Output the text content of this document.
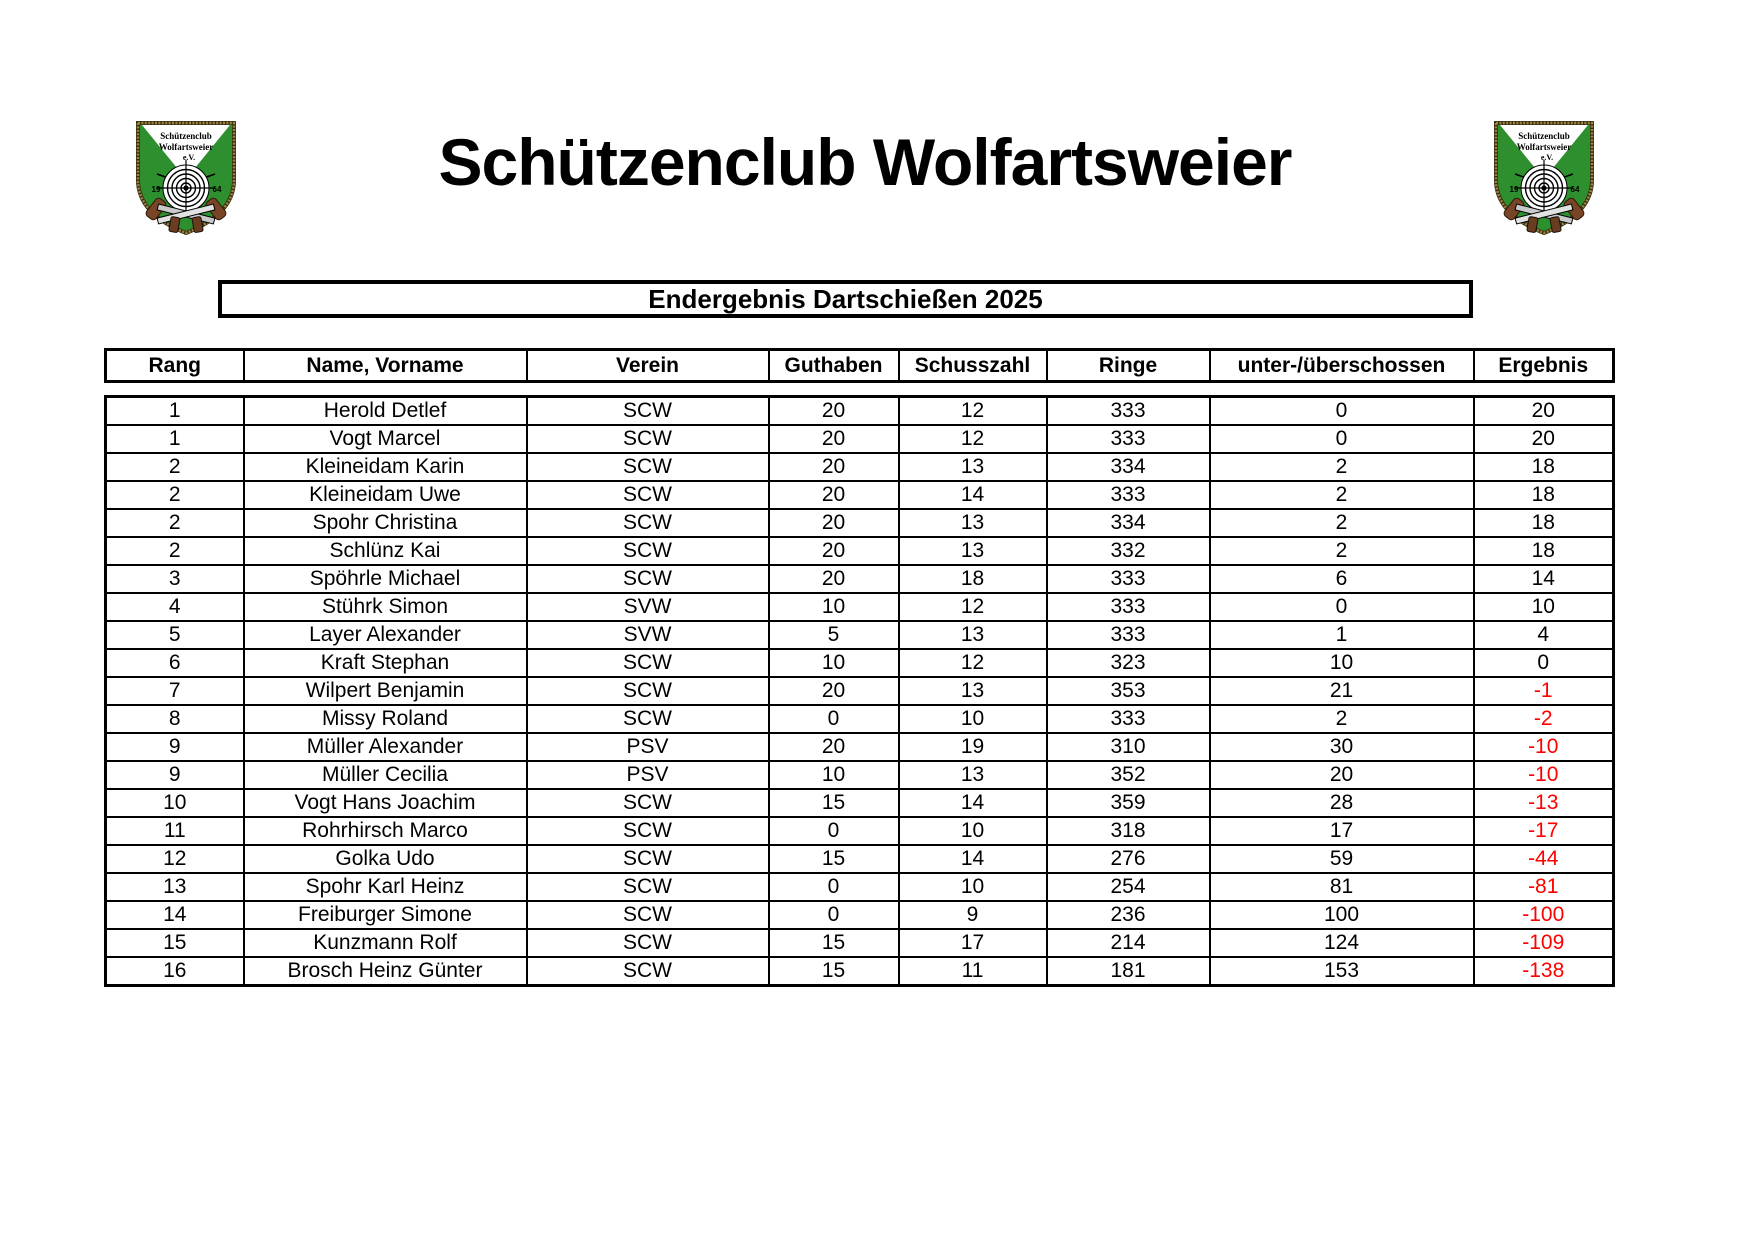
Schützenclub Wolfartsweier
Endergebnis Dartschießen 2025
Rang	Name, Vorname	Verein	Guthaben	Schusszahl	Ringe	unter-/überschossen	Ergebnis
1	Herold Detlef	SCW	20	12	333	0	20
1	Vogt Marcel	SCW	20	12	333	0	20
2	Kleineidam Karin	SCW	20	13	334	2	18
2	Kleineidam Uwe	SCW	20	14	333	2	18
2	Spohr Christina	SCW	20	13	334	2	18
2	Schlünz Kai	SCW	20	13	332	2	18
3	Spöhrle Michael	SCW	20	18	333	6	14
4	Stührk Simon	SVW	10	12	333	0	10
5	Layer Alexander	SVW	5	13	333	1	4
6	Kraft Stephan	SCW	10	12	323	10	0
7	Wilpert Benjamin	SCW	20	13	353	21	-1
8	Missy Roland	SCW	0	10	333	2	-2
9	Müller Alexander	PSV	20	19	310	30	-10
9	Müller Cecilia	PSV	10	13	352	20	-10
10	Vogt Hans Joachim	SCW	15	14	359	28	-13
11	Rohrhirsch Marco	SCW	0	10	318	17	-17
12	Golka Udo	SCW	15	14	276	59	-44
13	Spohr Karl Heinz	SCW	0	10	254	81	-81
14	Freiburger Simone	SCW	0	9	236	100	-100
15	Kunzmann Rolf	SCW	15	17	214	124	-109
16	Brosch Heinz Günter	SCW	15	11	181	153	-138
